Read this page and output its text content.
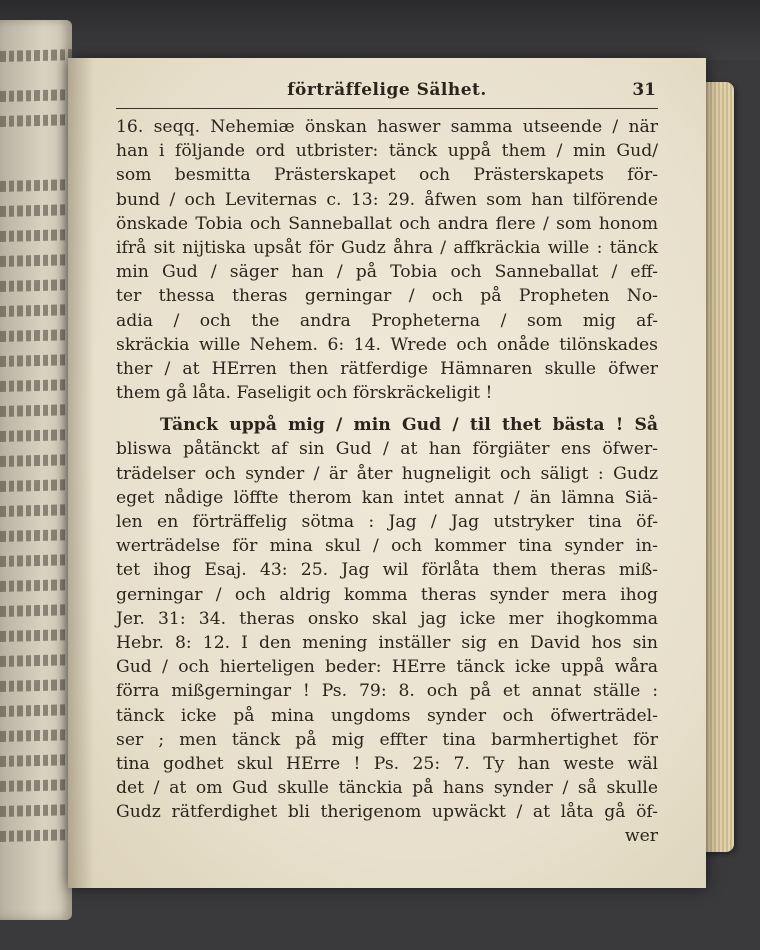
förträffelige Sälhet.	31
16. seqq. Nehemiæ önskan haswer samma utseende / när
han i följande ord utbrister: tänck uppå them / min Gud/
som besmitta Prästerskapet och Prästerskapets för-
bund / och Leviternas c. 13: 29. åfwen som han tilförende
önskade Tobia och Sanneballat och andra flere / som honom
ifrå sit nijtiska upsåt för Gudz åhra / affkräckia wille : tänck
min Gud / säger han / på Tobia och Sanneballat / eff-
ter thessa theras gerningar / och på Propheten No-
adia / och the andra Propheterna / som mig af-
skräckia wille Nehem. 6: 14. Wrede och onåde tilönskades
ther / at HErren then rätferdige Hämnaren skulle öfwer
them gå låta. Faseligit och förskräckeligit !
Tänck uppå mig / min Gud / til thet bästa ! Så
bliswa påtänckt af sin Gud / at han förgiäter ens öfwer-
trädelser och synder / är åter hugneligit och säligt : Gudz
eget nådige löffte therom kan intet annat / än lämna Siä-
len en förträffelig sötma : Jag / Jag utstryker tina öf-
werträdelse för mina skul / och kommer tina synder in-
tet ihog Esaj. 43: 25. Jag wil förlåta them theras miß-
gerningar / och aldrig komma theras synder mera ihog
Jer. 31: 34. theras onsko skal jag icke mer ihogkomma
Hebr. 8: 12. I den mening inställer sig en David hos sin
Gud / och hierteligen beder: HErre tänck icke uppå wåra
förra mißgerningar ! Ps. 79: 8. och på et annat ställe :
tänck icke på mina ungdoms synder och öfwerträdel-
ser ; men tänck på mig effter tina barmhertighet för
tina godhet skul HErre ! Ps. 25: 7. Ty han weste wäl
det / at om Gud skulle tänckia på hans synder / så skulle
Gudz rätferdighet bli therigenom upwäckt / at låta gå öf-
wer
